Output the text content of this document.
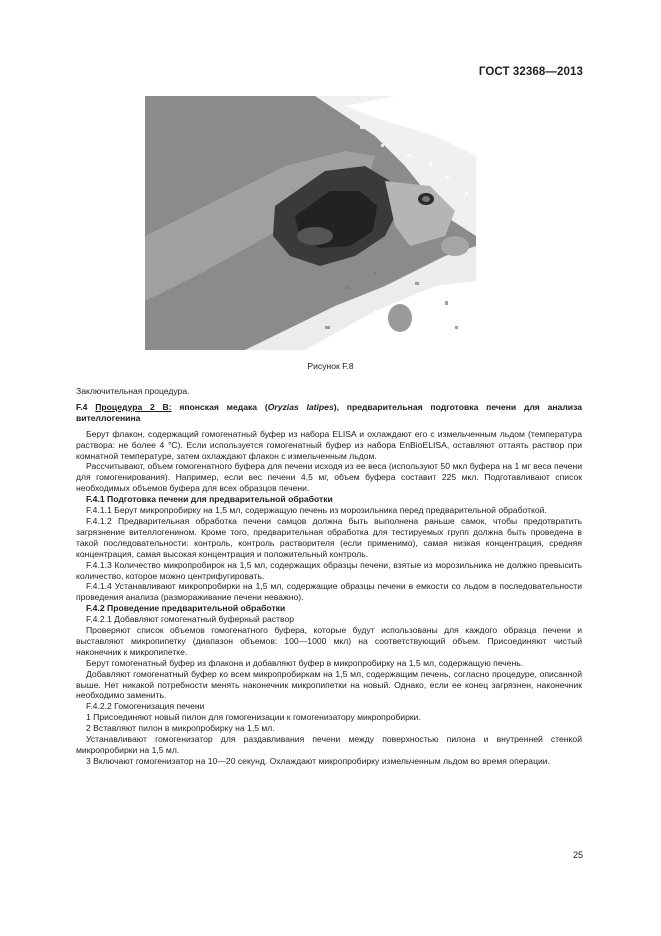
ГОСТ 32368—2013
Рисунок F.8

Заключительная процедура.

F.4 Процедура 2 B: японская медака (Oryzias latipes), предварительная подготовка печени для анализа вителлогенина

Берут флакон, содержащий гомогенатный буфер из набора ELISA и охлаждают его с измельченным льдом (температура раствора: не более 4 °C). Если используется гомогенатный буфер из набора EnBioELISA, оставляют оттаять раствор при комнатной температуре, затем охлаждают флакон с измельченным льдом.

Рассчитывают, объем гомогенатного буфера для печени исходя из ее веса (используют 50 мкл буфера на 1 мг веса печени для гомогенирования). Например, если вес печени 4,5 мг, объем буфера составит 225 мкл. Подготавливают список необходимых объемов буфера для всех образцов печени.

F.4.1 Подготовка печени для предварительной обработки

F.4.1.1 Берут микропробирку на 1,5 мл, содержащую печень из морозильника перед предварительной обработкой.

F.4.1.2 Предварительная обработка печени самцов должна быть выполнена раньше самок, чтобы предотвратить загрязнение вителлогенином. Кроме того, предварительная обработка для тестируемых групп должна быть проведена в такой последовательности: контроль, контроль растворителя (если применимо), самая низкая концентрация, средняя концентрация, самая высокая концентрация и положительный контроль.

F.4.1.3 Количество микропробирок на 1,5 мл, содержащих образцы печени, взятые из морозильника не должно превысить количество, которое можно центрифугировать.

F.4.1.4 Устанавливают микропробирки на 1,5 мл, содержащие образцы печени в емкости со льдом в последовательности проведения анализа (размораживание печени неважно).

F.4.2 Проведение предварительной обработки

F.4.2.1 Добавляют гомогенатный буферный раствор

Проверяют список объемов гомогенатного буфера, которые будут использованы для каждого образца печени и выставляют микропипетку (диапазон объемов: 100—1000 мкл) на соответствующий объем. Присоединяют чистый наконечник к микропипетке.

Берут гомогенатный буфер из флакона и добавляют буфер в микропробирку на 1,5 мл, содержащую печень.

Добавляют гомогенатный буфер ко всем микропробиркам на 1,5 мл, содержащим печень, согласно процедуре, описанной выше. Нет никакой потребности менять наконечник микропипетки на новый. Однако, если ее конец загрязнен, наконечник необходимо заменить.

F.4.2.2 Гомогенизация печени

1 Присоединяют новый пилон для гомогенизации к гомогенизатору микропробирки.

2 Вставляют пилон в микропробирку на 1,5 мл.

Устанавливают гомогенизатор для раздавливания печени между поверхностью пилона и внутренней стенкой микропробирки на 1,5 мл.

3 Включают гомогенизатор на 10—20 секунд. Охлаждают микропробирку измельченным льдом во время операции.

25
